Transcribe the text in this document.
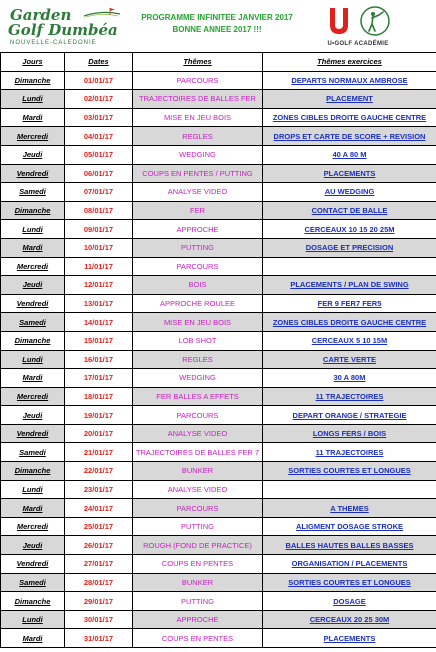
Garden
Golf Dumbéa
NOUVELLE-CALEDONIE
PROGRAMME INFINITEE JANVIER 2017
BONNE ANNEE 2017 !!!
U•GOLF ACADÉMIE
Jours	Dates	Thêmes	Thêmes exercices
Dimanche	01/01/17	PARCOURS	DEPARTS NORMAUX AMBROSE
Lundi	02/01/17	TRAJECTOIRES DE BALLES FER	PLACEMENT
Mardi	03/01/17	MISE EN JEU BOIS	ZONES CIBLES DROITE GAUCHE CENTRE
Mercredi	04/01/17	REGLES	DROPS ET CARTE DE SCORE + REVISION
Jeudi	05/01/17	WEDGING	40 A 80 M
Vendredi	06/01/17	COUPS EN PENTES / PUTTING	PLACEMENTS
Samedi	07/01/17	ANALYSE VIDEO	AU WEDGING
Dimanche	08/01/17	FER	CONTACT DE BALLE
Lundi	09/01/17	APPROCHE	CERCEAUX 10 15 20 25M
Mardi	10/01/17	PUTTING	DOSAGE ET PRECISION
Mercredi	11/01/17	PARCOURS	
Jeudi	12/01/17	BOIS	PLACEMENTS / PLAN DE SWING
Vendredi	13/01/17	APPROCHE ROULEE	FER 9 FER7 FER5
Samedi	14/01/17	MISE EN JEU BOIS	ZONES CIBLES DROITE GAUCHE CENTRE
Dimanche	15/01/17	LOB SHOT	CERCEAUX 5 10 15M
Lundi	16/01/17	REGLES	CARTE VERTE
Mardi	17/01/17	WEDGING	30 A 80M
Mercredi	18/01/17	FER BALLES A EFFETS	11 TRAJECTOIRES
Jeudi	19/01/17	PARCOURS	DEPART ORANGE / STRATEGIE
Vendredi	20/01/17	ANALYSE VIDEO	LONGS FERS / BOIS
Samedi	21/01/17	TRAJECTOIRES DE BALLES FER 7	11 TRAJECTOIRES
Dimanche	22/01/17	BUNKER	SORTIES COURTES ET LONGUES
Lundi	23/01/17	ANALYSE VIDEO	
Mardi	24/01/17	PARCOURS	A THEMES
Mercredi	25/01/17	PUTTING	ALIGMENT DOSAGE STROKE
Jeudi	26/01/17	ROUGH (FOND DE PRACTICE)	BALLES HAUTES BALLES BASSES
Vendredi	27/01/17	COUPS EN PENTES	ORGANISATION / PLACEMENTS
Samedi	28/01/17	BUNKER	SORTIES COURTES ET LONGUES
Dimanche	29/01/17	PUTTING	DOSAGE
Lundi	30/01/17	APPROCHE	CERCEAUX 20 25 30M
Mardi	31/01/17	COUPS EN PENTES	PLACEMENTS
